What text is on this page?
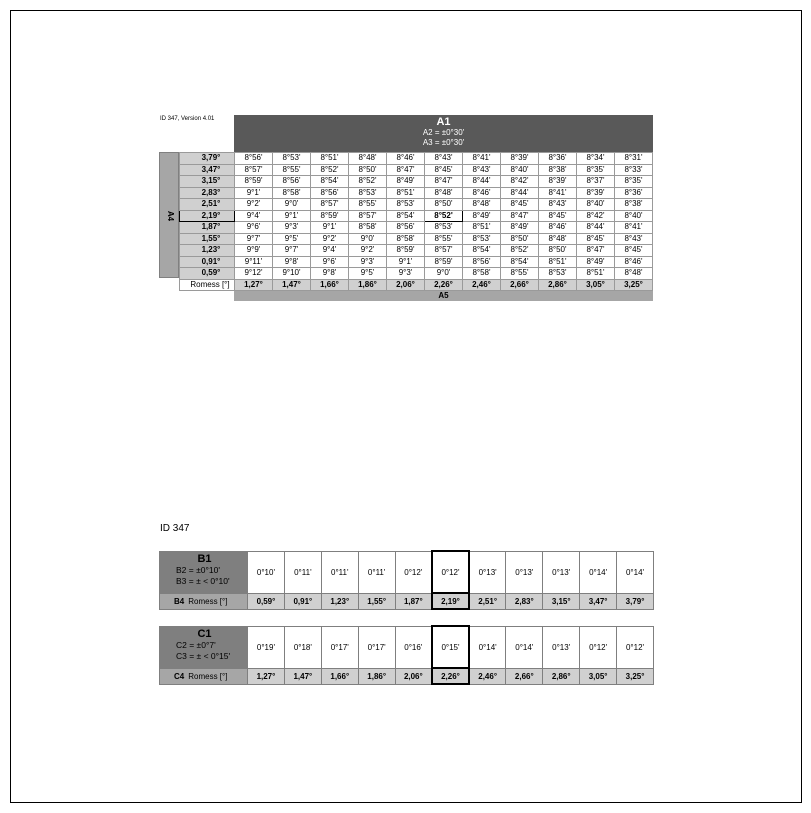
ID 347, Version 4.01	A1
A2 = ±0°30'
A3 = ±0°30'
A4
3,79°	8°56'	8°53'	8°51'	8°48'	8°46'	8°43'	8°41'	8°39'	8°36'	8°34'	8°31'
3,47°	8°57'	8°55'	8°52'	8°50'	8°47'	8°45'	8°43'	8°40'	8°38'	8°35'	8°33'
3,15°	8°59'	8°56'	8°54'	8°52'	8°49'	8°47'	8°44'	8°42'	8°39'	8°37'	8°35'
2,83°	9°1'	8°58'	8°56'	8°53'	8°51'	8°48'	8°46'	8°44'	8°41'	8°39'	8°36'
2,51°	9°2'	9°0'	8°57'	8°55'	8°53'	8°50'	8°48'	8°45'	8°43'	8°40'	8°38'
2,19°	9°4'	9°1'	8°59'	8°57'	8°54'	8°52'	8°49'	8°47'	8°45'	8°42'	8°40'
1,87°	9°6'	9°3'	9°1'	8°58'	8°56'	8°53'	8°51'	8°49'	8°46'	8°44'	8°41'
1,55°	9°7'	9°5'	9°2'	9°0'	8°58'	8°55'	8°53'	8°50'	8°48'	8°45'	8°43'
1,23°	9°9'	9°7'	9°4'	9°2'	8°59'	8°57'	8°54'	8°52'	8°50'	8°47'	8°45'
0,91°	9°11'	9°8'	9°6'	9°3'	9°1'	8°59'	8°56'	8°54'	8°51'	8°49'	8°46'
0,59°	9°12'	9°10'	9°8'	9°5'	9°3'	9°0'	8°58'	8°55'	8°53'	8°51'	8°48'
Romess [°]	1,27°	1,47°	1,66°	1,86°	2,06°	2,26°	2,46°	2,66°	2,86°	3,05°	3,25°
A5
ID 347
B1
B2 = ±0°10'
B3 = ± < 0°10'	0°10'	0°11'	0°11'	0°11'	0°12'	0°12'	0°13'	0°13'	0°13'	0°14'	0°14'
B4 Romess [°]	0,59°	0,91°	1,23°	1,55°	1,87°	2,19°	2,51°	2,83°	3,15°	3,47°	3,79°
C1
C2 = ±0°7'
C3 = ± < 0°15'	0°19'	0°18'	0°17'	0°17'	0°16'	0°15'	0°14'	0°14'	0°13'	0°12'	0°12'
C4 Romess [°]	1,27°	1,47°	1,66°	1,86°	2,06°	2,26°	2,46°	2,66°	2,86°	3,05°	3,25°
